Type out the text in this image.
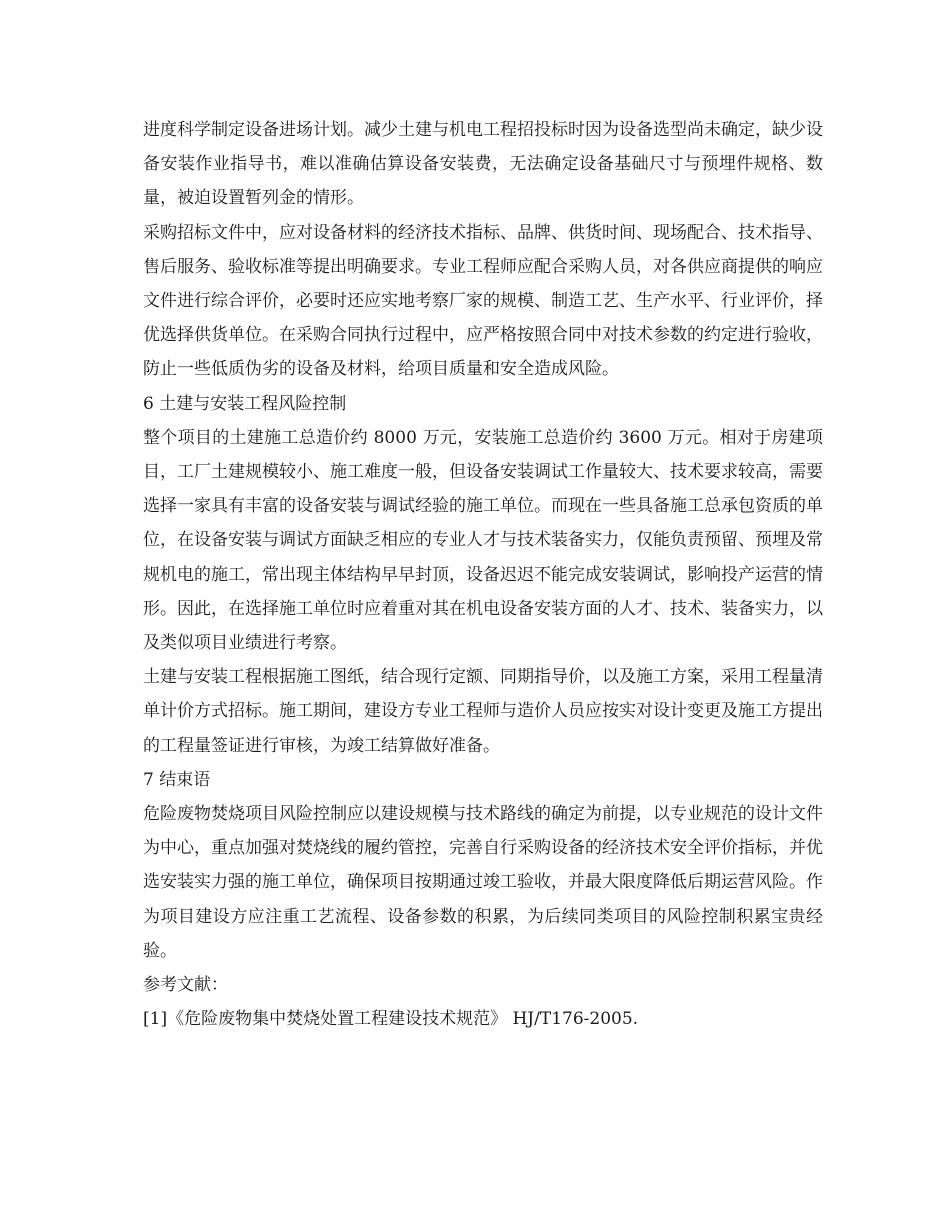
进度科学制定设备进场计划。减少土建与机电工程招投标时因为设备选型尚未确定，缺少设备安装作业指导书，难以准确估算设备安装费，无法确定设备基础尺寸与预埋件规格、数量，被迫设置暂列金的情形。

采购招标文件中，应对设备材料的经济技术指标、品牌、供货时间、现场配合、技术指导、售后服务、验收标准等提出明确要求。专业工程师应配合采购人员，对各供应商提供的响应文件进行综合评价，必要时还应实地考察厂家的规模、制造工艺、生产水平、行业评价，择优选择供货单位。在采购合同执行过程中，应严格按照合同中对技术参数的约定进行验收，防止一些低质伪劣的设备及材料，给项目质量和安全造成风险。

6 土建与安装工程风险控制

整个项目的土建施工总造价约 8000 万元，安装施工总造价约 3600 万元。相对于房建项目，工厂土建规模较小、施工难度一般，但设备安装调试工作量较大、技术要求较高，需要选择一家具有丰富的设备安装与调试经验的施工单位。而现在一些具备施工总承包资质的单位，在设备安装与调试方面缺乏相应的专业人才与技术装备实力，仅能负责预留、预埋及常规机电的施工，常出现主体结构早早封顶，设备迟迟不能完成安装调试，影响投产运营的情形。因此，在选择施工单位时应着重对其在机电设备安装方面的人才、技术、装备实力，以及类似项目业绩进行考察。

土建与安装工程根据施工图纸，结合现行定额、同期指导价，以及施工方案，采用工程量清单计价方式招标。施工期间，建设方专业工程师与造价人员应按实对设计变更及施工方提出的工程量签证进行审核，为竣工结算做好准备。

7 结束语

危险废物焚烧项目风险控制应以建设规模与技术路线的确定为前提，以专业规范的设计文件为中心，重点加强对焚烧线的履约管控，完善自行采购设备的经济技术安全评价指标，并优选安装实力强的施工单位，确保项目按期通过竣工验收，并最大限度降低后期运营风险。作为项目建设方应注重工艺流程、设备参数的积累，为后续同类项目的风险控制积累宝贵经验。

参考文献：

[1]《危险废物集中焚烧处置工程建设技术规范》 HJ/T176-2005.
